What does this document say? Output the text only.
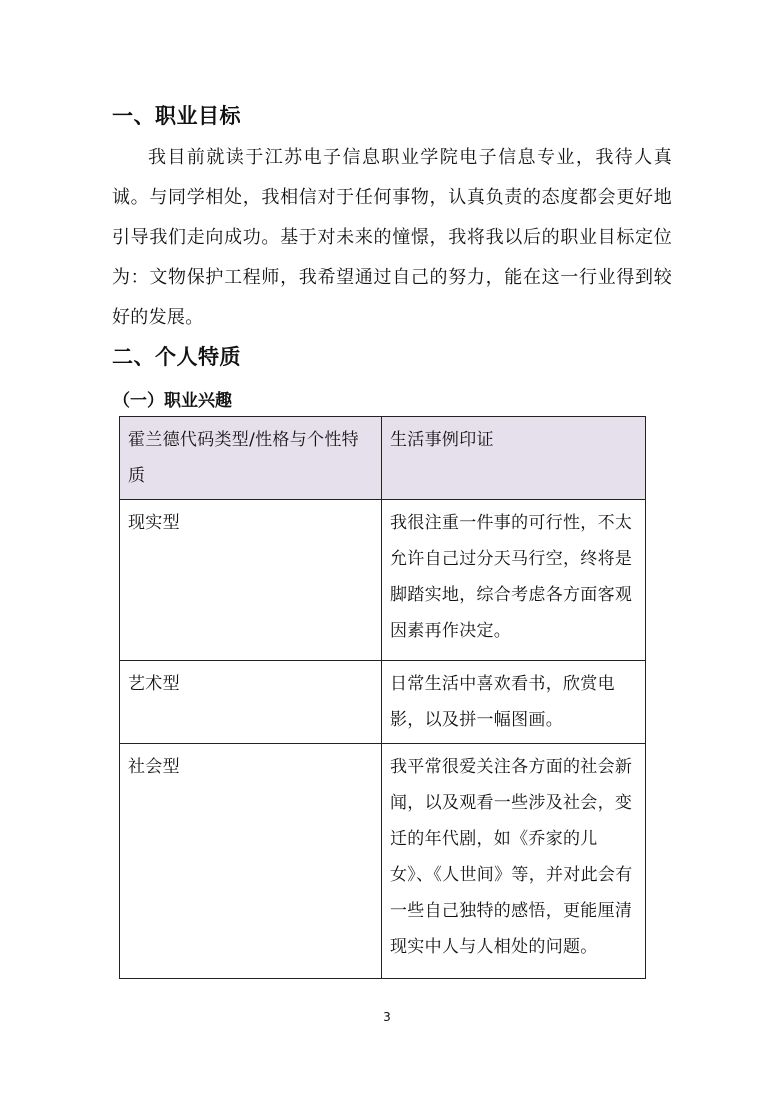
一、职业目标

我目前就读于江苏电子信息职业学院电子信息专业，我待人真诚。与同学相处，我相信对于任何事物，认真负责的态度都会更好地引导我们走向成功。基于对未来的憧憬，我将我以后的职业目标定位为：文物保护工程师，我希望通过自己的努力，能在这一行业得到较好的发展。

二、个人特质
（一）职业兴趣
霍兰德代码类型/性格与个性特质	生活事例印证
现实型	我很注重一件事的可行性，不太允许自己过分天马行空，终将是脚踏实地，综合考虑各方面客观因素再作决定。
艺术型	日常生活中喜欢看书，欣赏电影，以及拼一幅图画。
社会型	我平常很爱关注各方面的社会新闻，以及观看一些涉及社会，变迁的年代剧，如《乔家的儿女》、《人世间》等，并对此会有一些自己独特的感悟，更能厘清现实中人与人相处的问题。

3
